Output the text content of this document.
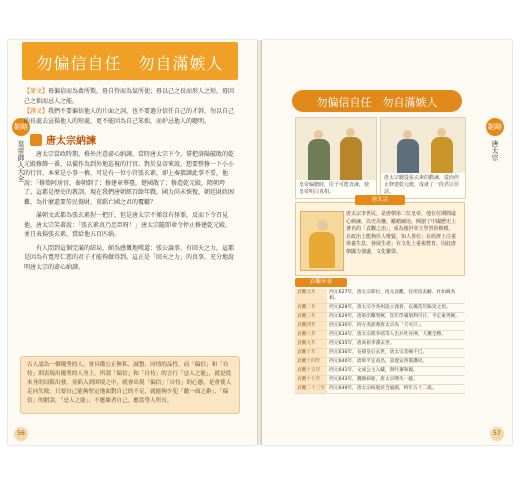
韜略
皇帝御人大全
勿偏信自任　勿自滿嫉人
【原文】毋偏信而為姦所欺，毋自恃而為氣所使；毋以己之長而形人之短，毋因己之拙而忌人之能。
【譯文】我們不要偏信他人的片面之詞，也不要過分信任自己的才幹，勿以自己的長處去宣揚他人的短處，更不能因為自己笨拙，而妒忌他人的聰明。
唐太宗納諫

唐太宗當政時期，格外注意虛心納諫，當時唐太宗下令，誓把洛陽破敗的乾元殿修飾一番，以備作為到外地巡視的行宮。對於皇帝來說，想要整修一下小小的行宮，本來是小事一樁，可是有一位小官張玄素，卻上奏摺諫此事不妥，他說：「修築阿房宮，秦朝倒了；修建章華臺，楚國散了；修造乾元殿，隋朝垮了。這都是歷史的教訓。現在我們唐朝經百餘年戰，國力尚未恢復，朝廷財政困難，為什麼還要勞民傷財，重蹈亡國之君的覆轍？

滿朝文武都為張玄素捏一把汗，但是唐太宗不僅沒有怪罪，反而下令召見他，唐太宗笑著說：「張玄素真乃忠臣呀！」唐太宗隨即命令停止修建乾元殿，並且表揚張玄素，賞給他五百匹絹。

有人問到這個完滿的結局，頗為感慨地嘆道：張公論事，有回天之力，這都是因為有寬厚仁慈的君子才能夠做得到。這正是「回天之力」的真事，充分地說明唐太宗的虛心納諫。

古人認為一個優秀的人，會具備公正無私、誠懇、同情的品性，而「偏信」和「自恃」則表現出優秀的人身上。所謂「偏信」和「自恃」的言行「忌人之能」，就是從本身的局限出發，並陷入到困境之中，就會出現「偏信」「自恃」的心態，是會使人走向失敗。只要自己能夠堅定地面對自己的不足，就能夠少犯「聽一面之辭」、「偏信」的錯誤，「忌人之能」，不應壞者自己，應當學人所長。
56
勿偏信自任　勿自滿嫉人
韜略
唐太宗
皇帝偏聽時，臣子可能直諫，使皇帝明白真相。
唐太宗聽從張玄素的勸諫，從而停止修建乾元殿，成就了一段君臣佳話。
唐太宗
唐太宗李世民，是唐朝第二位皇帝，他在位期間虛心納諫，以史為鑒，勵精圖治，開創了中國歷史上著名的「貞觀之治」，成為後世帝王學習的楷模。 在政治上能夠任人唯賢，知人善任；在經濟上注重休養生息，發展生產；在文化上重視教育，因此唐朝國力強盛，文化繁榮。
貞觀年表
貞觀元年	西元627年，唐太宗即位，改元貞觀，任用房玄齡、杜如晦為相。
貞觀二年	西元628年，唐太宗令各州設立義倉，以備荒年賑災之用。
貞觀三年	西元629年，唐軍出擊突厥，次年俘虜頡利可汗，平定東突厥。
貞觀四年	西元630年，四方夷族尊唐太宗為「天可汗」。
貞觀八年	西元634年，唐太宗派李靖等人出兵吐谷渾，大獲全勝。
貞觀九年	西元635年，唐高祖李淵去世。
貞觀十年	西元636年，長孫皇后去世，唐太宗悲痛不已。
貞觀十四年	西元640年，唐軍平定高昌，設置安西都護府。
貞觀十五年	西元641年，文成公主入藏，與吐蕃和親。
貞觀十七年	西元643年，魏徵病逝，唐太宗嘆失一鏡。
貞觀二十三年	西元649年，唐太宗病逝於含風殿，終年五十二歲。
57
